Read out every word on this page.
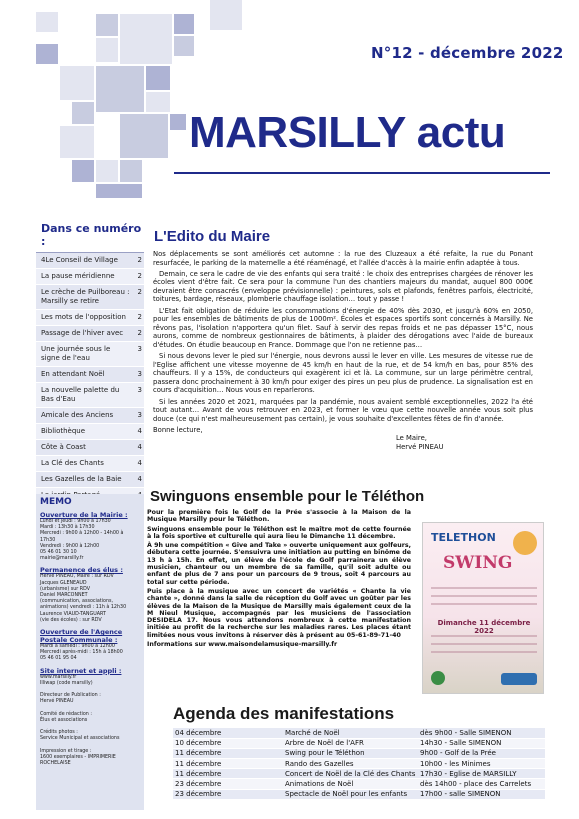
N°12 - décembre 2022
MARSILLY actu
Dans ce numéro :
4Le Conseil de Village	2
La pause méridienne	2
Le crèche de Puilboreau : Marsilly se retire
2
Les mots de l'opposition	2
Passage de l'hiver avec	2
Une journée sous le signe de l'eau
3
En attendant Noël	3
La nouvelle palette du Bas d'Eau
3
Amicale des Anciens	3
Bibliothèque	4
Côte à Coast	4
La Clé des Chants	4
Les Gazelles de la Baie	4
MEMO
Ouverture de la Mairie :
Lundi et jeudi : 9h00 à 17h30
Mardi : 13h30 à 17h30
Mercredi : 9h00 à 12h00 - 14h00 à
17h30
Vendredi : 9h00 à 12h00
05 46 01 30 10
mairie@marsilly.fr
Permanence des élus :
Hervé PINEAU, Maire : sur RDV
Jacques GLENEAUD
(urbanisme) sur RDV
Daniel MARCONNET
(communication, associations,
animations) vendredi : 11h à 12h30
Laurence VIAUD-TANGUART
(vie des écoles) : sur RDV
Ouverture de l'Agence Postale Communale :
Mardi à samedi : 9h00 à 12h00
Mercredi après-midi : 15h à 18h00
05 46 01 95 04
Site internet et appli :
www.marsilly.fr
Illiwap (code marsilly)
Directeur de Publication :
Hervé PINEAU

Comité de rédaction :
Élus et associations

Crédits photos :
Service Municipal et associations

Impression et tirage :
1600 exemplaires - IMPRIMERIE ROCHELAISE
L'Edito du Maire

Nos déplacements se sont améliorés cet automne : la rue des Cluzeaux a été refaite, la rue du Ponant resurfacée, le parking de la maternelle a été réaménagé, et l'allée d'accès à la mairie enfin adaptée à tous.

Demain, ce sera le cadre de vie des enfants qui sera traité : le choix des entreprises chargées de rénover les écoles vient d'être fait. Ce sera pour la commune l'un des chantiers majeurs du mandat, auquel 800 000€ devraient être consacrés (enveloppe prévisionnelle) : peintures, sols et plafonds, fenêtres parfois, électricité, toitures, bardage, réseaux, plomberie chauffage isolation… tout y passe !

L'Etat fait obligation de réduire les consommations d'énergie de 40% dès 2030, et jusqu'à 60% en 2050, pour les ensembles de bâtiments de plus de 1000m². Écoles et espaces sportifs sont concernés à Marsilly. Ne rêvons pas, l'isolation n'apportera qu'un filet. Sauf à servir des repas froids et ne pas dépasser 15°C, nous aurons, comme de nombreux gestionnaires de bâtiments, à plaider des dérogations avec l'aide de bureaux d'études. On étudie beaucoup en France. Dommage que l'on ne retienne pas…

Si nous devons lever le pied sur l'énergie, nous devrons aussi le lever en ville. Les mesures de vitesse rue de l'Eglise affichent une vitesse moyenne de 45 km/h en haut de la rue, et de 54 km/h en bas, pour 85% des chauffeurs. Il y a 15%, de conducteurs qui exagèrent ici et là. La commune, sur un large périmètre central, passera donc prochainement à 30 km/h pour exiger des pires un peu plus de prudence. La signalisation est en cours d'acquisition… Nous vous en reparlerons.

Si les années 2020 et 2021, marquées par la pandémie, nous avaient semblé exceptionnelles, 2022 l'a été tout autant… Avant de vous retrouver en 2023, et former le vœu que cette nouvelle année vous soit plus douce (ce qui n'est malheureusement pas certain), je vous souhaite d'excellentes fêtes de fin d'année.

Bonne lecture,

Le Maire,
Hervé PINEAU
Swinguons ensemble pour le Téléthon

Pour la première fois le Golf de la Prée s'associe à la Maison de la Musique Marsilly pour le Téléthon.

Swinguons ensemble pour le Téléthon est le maître mot de cette fournée à la fois sportive et culturelle qui aura lieu le Dimanche 11 décembre.

À 9h une compétition « Give and Take » ouverte uniquement aux golfeurs, débutera cette journée. S'ensuivra une initiation au putting en binôme de 13 h à 15h. En effet, un élève de l'école de Golf parrainera un élève musicien, chanteur ou un membre de sa famille, qu'il soit adulte ou enfant de plus de 7 ans pour un parcours de 9 trous, soit 4 parcours au total sur cette période.

Puis place à la musique avec un concert de variétés « Chante la vie chante », donné dans la salle de réception du Golf avec un goûter par les élèves de la Maison de la Musique de Marsilly mais également ceux de la M Nieul Musique, accompagnés par les musiciens de l'association DESIDELA 17. Nous vous attendons nombreux à cette manifestation initiée au profit de la recherche sur les maladies rares. Les places étant limitées nous vous invitons à réserver dès à présent au 05-61-89-71-40

Informations sur www.maisondelamusique-marsilly.fr

TELETHON
SWING
Dimanche 11 décembre 2022
Agenda des manifestations
04 décembre	Marché de Noël	dès 9h00 - Salle SIMENON
10 décembre	Arbre de Noël de l'AFR	14h30 - Salle SIMENON
11 décembre	Swing pour le Téléthon	9h00 - Golf de la Prée
11 décembre	Rando des Gazelles	10h00 - les Minimes
11 décembre	Concert de Noël de la Clé des Chants	17h30 - Eglise de MARSILLY
23 décembre	Animations de Noël	dès 14h00 - place des Carrelets
23 décembre	Spectacle de Noël pour les enfants	17h00 - salle SIMENON
